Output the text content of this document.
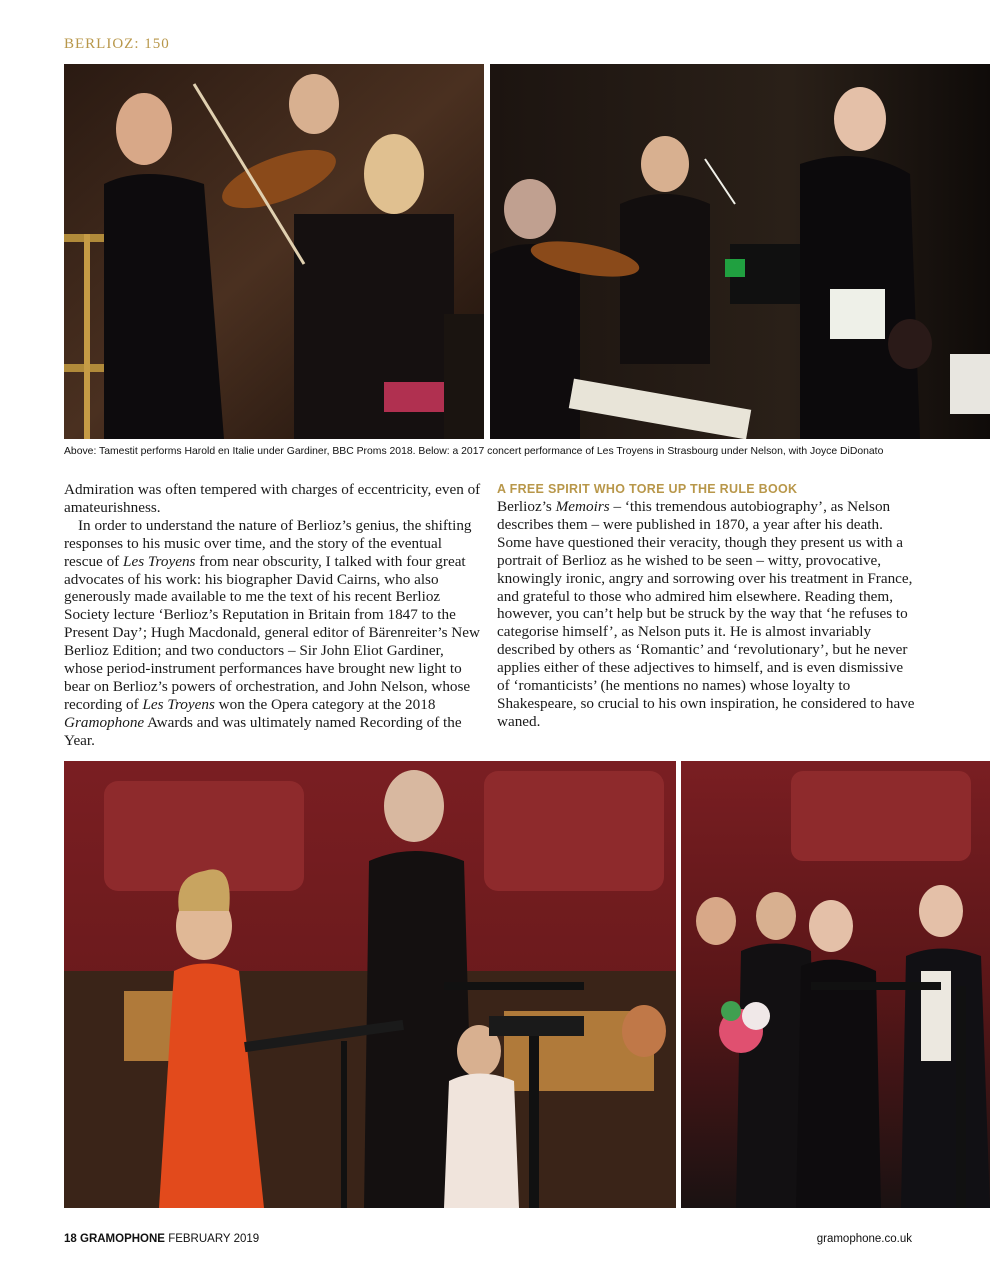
BERLIOZ: 150
Above: Tamestit performs Harold en Italie under Gardiner, BBC Proms 2018. Below: a 2017 concert performance of Les Troyens in Strasbourg under Nelson, with Joyce DiDonato

Admiration was often tempered with charges of eccentricity, even of amateurishness.

In order to understand the nature of Berlioz’s genius, the shifting responses to his music over time, and the story of the eventual rescue of Les Troyens from near obscurity, I talked with four great advocates of his work: his biographer David Cairns, who also generously made available to me the text of his recent Berlioz Society lecture ‘Berlioz’s Reputation in Britain from 1847 to the Present Day’; Hugh Macdonald, general editor of Bärenreiter’s New Berlioz Edition; and two conductors – Sir John Eliot Gardiner, whose period-instrument performances have brought new light to bear on Berlioz’s powers of orchestration, and John Nelson, whose recording of Les Troyens won the Opera category at the 2018 Gramophone Awards and was ultimately named Recording of the Year.

A FREE SPIRIT WHO TORE UP THE RULE BOOK

Berlioz’s Memoirs – ‘this tremendous autobiography’, as Nelson describes them – were published in 1870, a year after his death. Some have questioned their veracity, though they present us with a portrait of Berlioz as he wished to be seen – witty, provocative, knowingly ironic, angry and sorrowing over his treatment in France, and grateful to those who admired him elsewhere. Reading them, however, you can’t help but be struck by the way that ‘he refuses to categorise himself’, as Nelson puts it. He is almost invariably described by others as ‘Romantic’ and ‘revolutionary’, but he never applies either of these adjectives to himself, and is even dismissive of ‘romanticists’ (he mentions no names) whose loyalty to Shakespeare, so crucial to his own inspiration, he considered to have waned.

18 GRAMOPHONE FEBRUARY 2019	gramophone.co.uk
